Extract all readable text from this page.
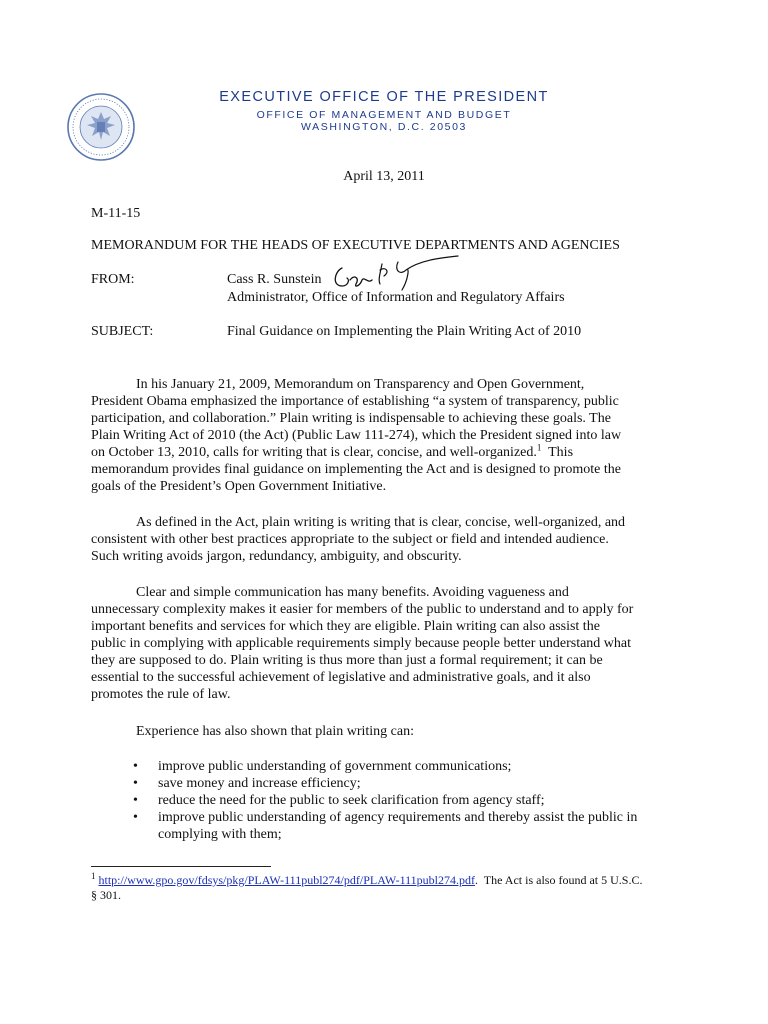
EXECUTIVE OFFICE OF THE PRESIDENT
OFFICE OF MANAGEMENT AND BUDGET
WASHINGTON, D.C. 20503
April 13, 2011
M-11-15
MEMORANDUM FOR THE HEADS OF EXECUTIVE DEPARTMENTS AND AGENCIES
FROM:	Cass R. Sunstein
Administrator, Office of Information and Regulatory Affairs
SUBJECT:	Final Guidance on Implementing the Plain Writing Act of 2010
In his January 21, 2009, Memorandum on Transparency and Open Government,
President Obama emphasized the importance of establishing “a system of transparency, public
participation, and collaboration.” Plain writing is indispensable to achieving these goals. The
Plain Writing Act of 2010 (the Act) (Public Law 111-274), which the President signed into law
on October 13, 2010, calls for writing that is clear, concise, and well-organized.$^1$  This
memorandum provides final guidance on implementing the Act and is designed to promote the
goals of the President’s Open Government Initiative.
As defined in the Act, plain writing is writing that is clear, concise, well-organized, and
consistent with other best practices appropriate to the subject or field and intended audience.
Such writing avoids jargon, redundancy, ambiguity, and obscurity.
Clear and simple communication has many benefits. Avoiding vagueness and
unnecessary complexity makes it easier for members of the public to understand and to apply for
important benefits and services for which they are eligible. Plain writing can also assist the
public in complying with applicable requirements simply because people better understand what
they are supposed to do. Plain writing is thus more than just a formal requirement; it can be
essential to the successful achievement of legislative and administrative goals, and it also
promotes the rule of law.
Experience has also shown that plain writing can:
• improve public understanding of government communications;
• save money and increase efficiency;
• reduce the need for the public to seek clarification from agency staff;
• improve public understanding of agency requirements and thereby assist the public in
complying with them;
$^1$ http://www.gpo.gov/fdsys/pkg/PLAW-111publ274/pdf/PLAW-111publ274.pdf.  The Act is also found at 5 U.S.C.
§ 301.
